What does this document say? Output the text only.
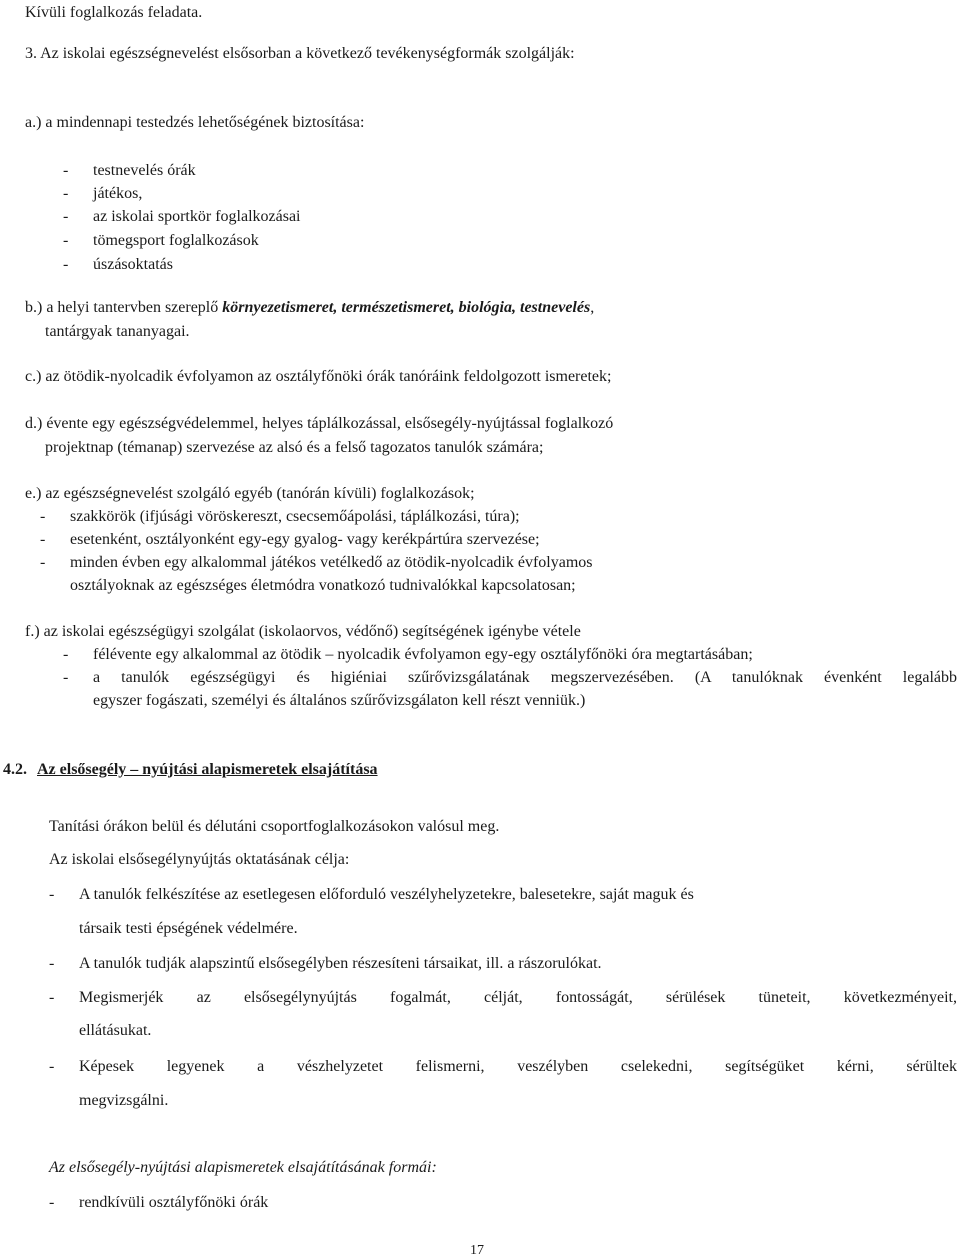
Kívüli foglalkozás feladata.
3. Az iskolai egészségnevelést elsősorban a következő tevékenységformák szolgálják:
a.) a mindennapi testedzés lehetőségének biztosítása:
- testnevelés órák
- játékos,
- az iskolai sportkör foglalkozásai
- tömegsport foglalkozások
- úszásoktatás
b.) a helyi tantervben szereplő környezetismeret, természetismeret, biológia, testnevelés,
tantárgyak tananyagai.
c.) az ötödik-nyolcadik évfolyamon az osztályfőnöki órák tanóráink feldolgozott ismeretek;
d.) évente egy egészségvédelemmel, helyes táplálkozással, elsősegély-nyújtással foglalkozó
projektnap (témanap) szervezése az alsó és a felső tagozatos tanulók számára;
e.) az egészségnevelést szolgáló egyéb (tanórán kívüli) foglalkozások;
- szakkörök (ifjúsági vöröskereszt, csecsemőápolási, táplálkozási, túra);
- esetenként, osztályonként egy-egy gyalog- vagy kerékpártúra szervezése;
- minden évben egy alkalommal játékos vetélkedő az ötödik-nyolcadik évfolyamos
osztályoknak az egészséges életmódra vonatkozó tudnivalókkal kapcsolatosan;
f.) az iskolai egészségügyi szolgálat (iskolaorvos, védőnő) segítségének igénybe vétele
- félévente egy alkalommal az ötödik – nyolcadik évfolyamon egy-egy osztályfőnöki óra megtartásában;
- a tanulók egészségügyi és higiéniai szűrővizsgálatának megszervezésében. (A tanulóknak évenként legalább
egyszer fogászati, személyi és általános szűrővizsgálaton kell részt venniük.)
4.2. Az elsősegély – nyújtási alapismeretek elsajátítása
Tanítási órákon belül és délutáni csoportfoglalkozásokon valósul meg.
Az iskolai elsősegélynyújtás oktatásának célja:
- A tanulók felkészítése az esetlegesen előforduló veszélyhelyzetekre, balesetekre, saját maguk és
társaik testi épségének védelmére.
- A tanulók tudják alapszintű elsősegélyben részesíteni társaikat, ill. a rászorulókat.
- Megismerjék az elsősegélynyújtás fogalmát, célját, fontosságát, sérülések tüneteit, következményeit,
ellátásukat.
- Képesek legyenek a vészhelyzetet felismerni, veszélyben cselekedni, segítségüket kérni, sérültek
megvizsgálni.
Az elsősegély-nyújtási alapismeretek elsajátításának formái:
- rendkívüli osztályfőnöki órák
17
